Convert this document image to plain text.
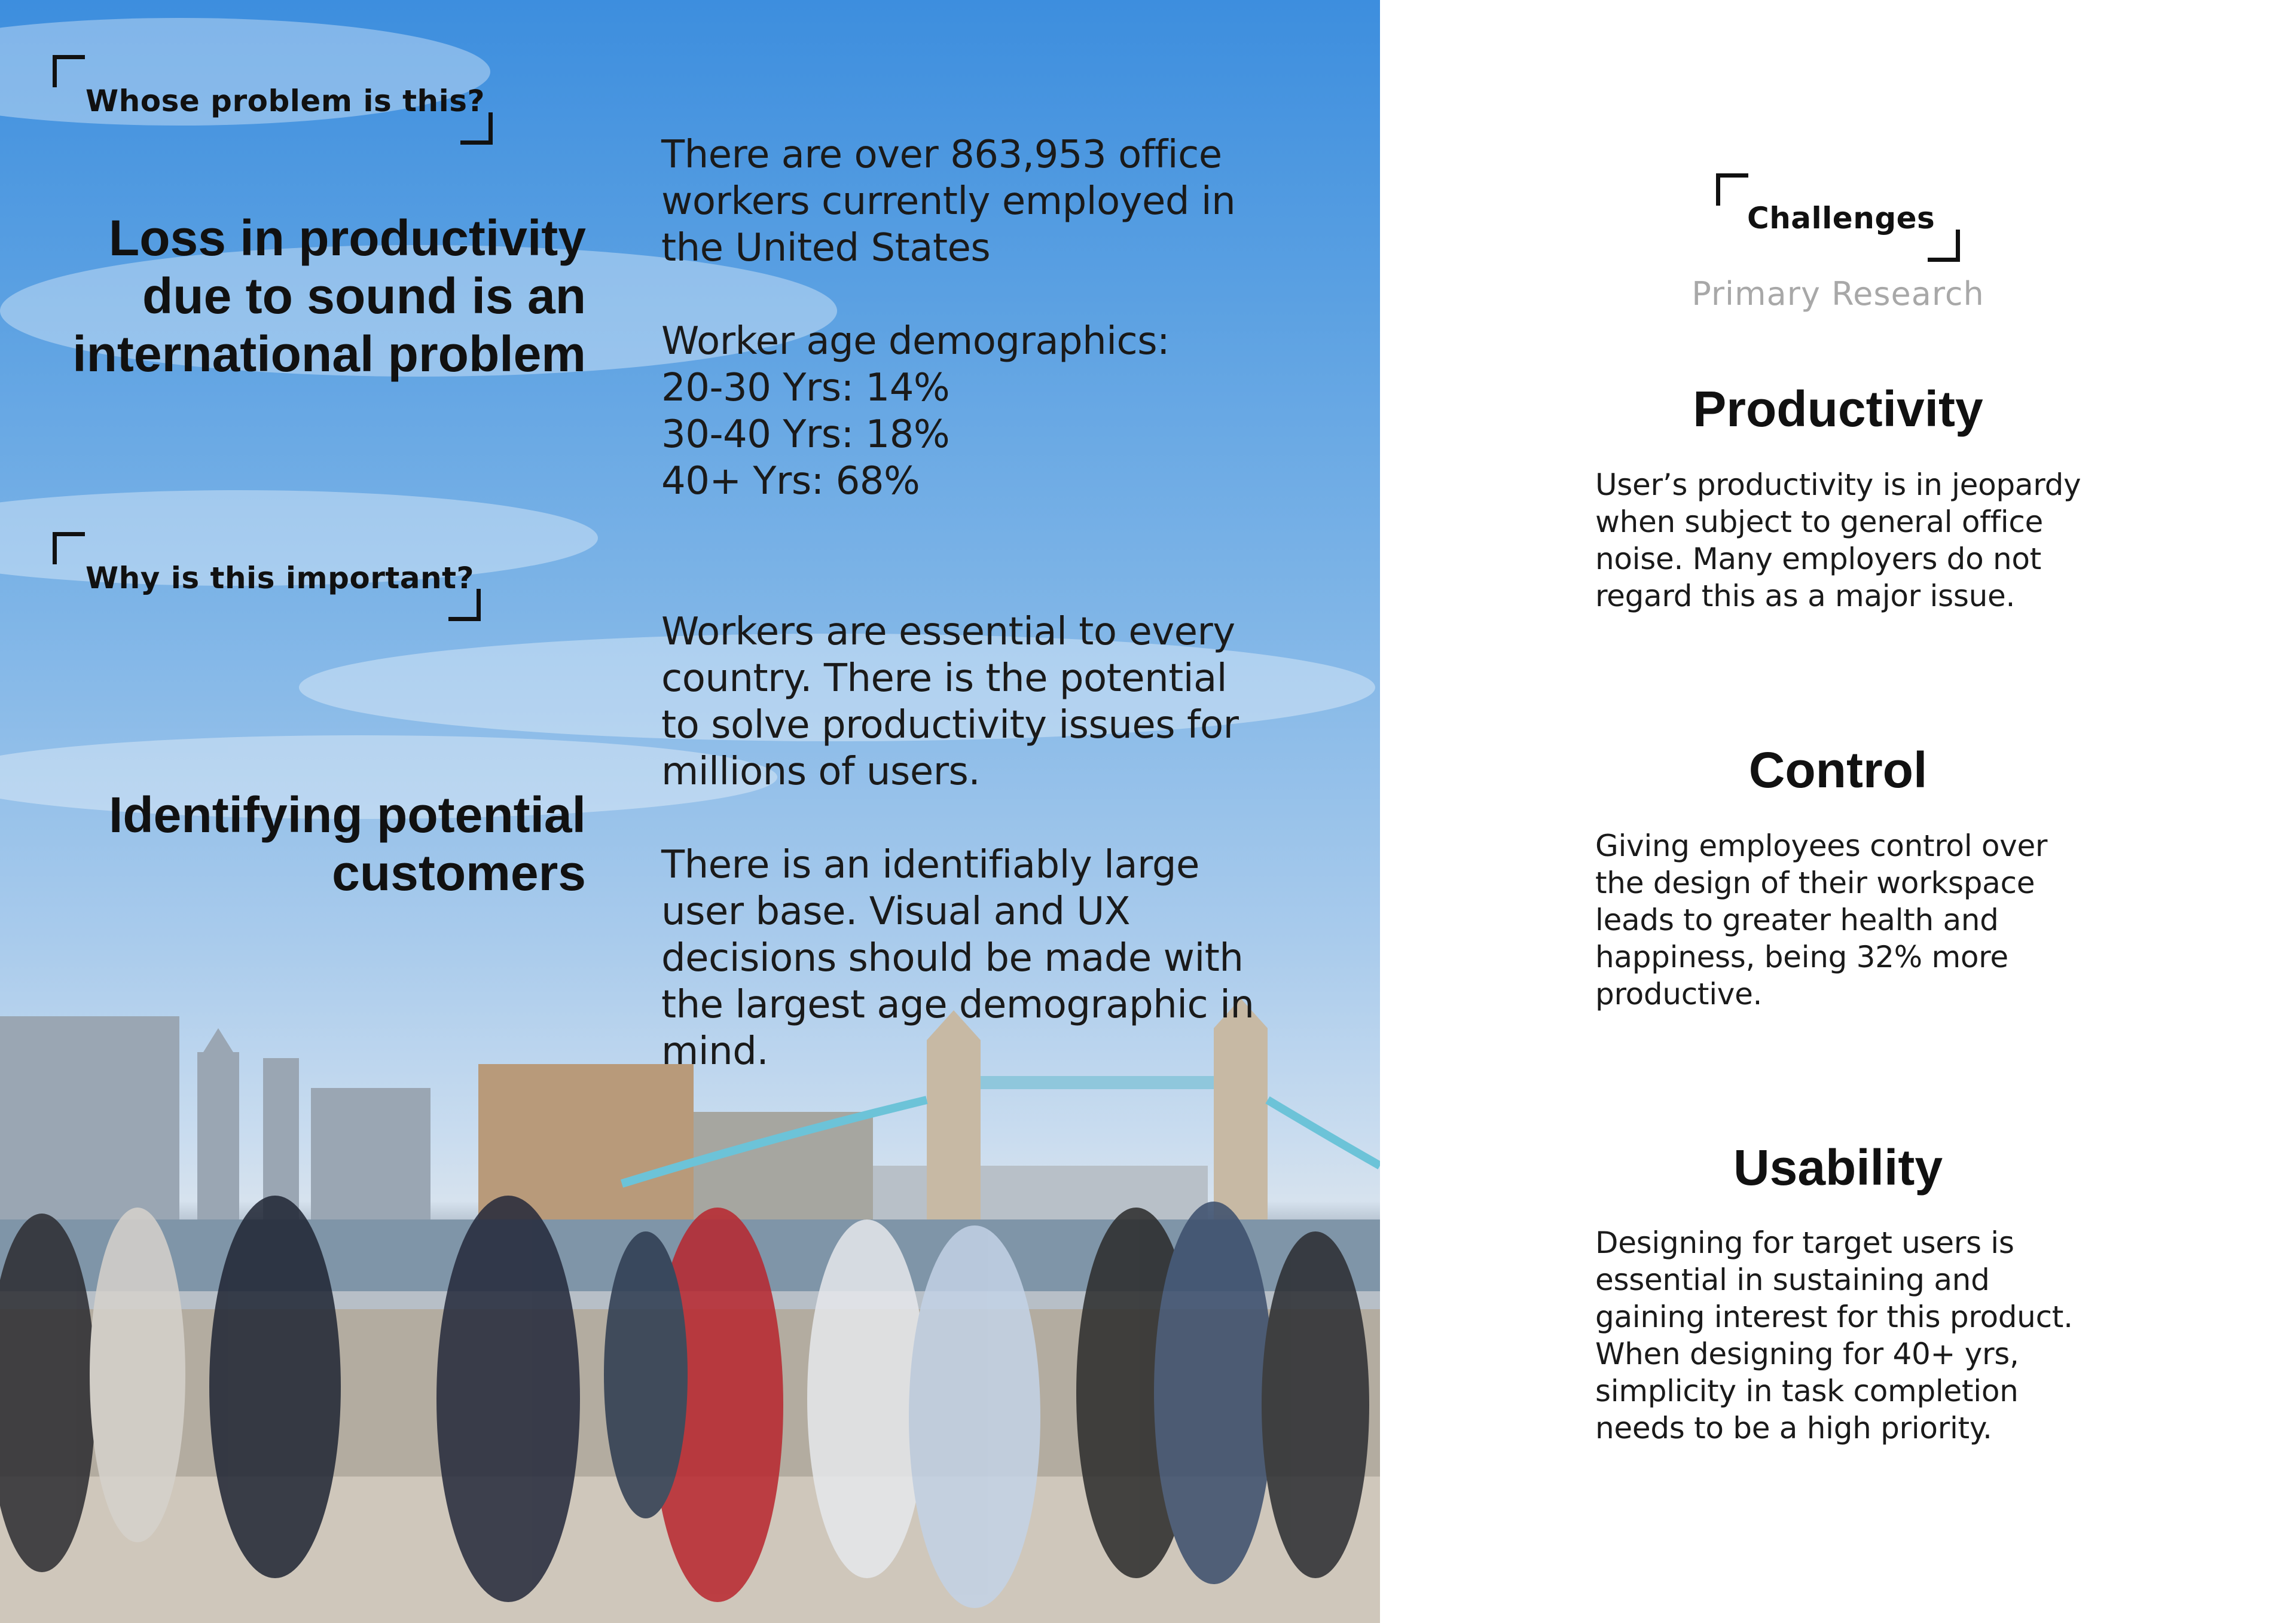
Whose problem is this?
Loss in productivity
due to sound is an
international problem
There are over 863,953 office
workers currently employed in
the United States
Worker age demographics:
20-30 Yrs: 14%
30-40 Yrs: 18%
40+ Yrs: 68%
Why is this important?
Identifying potential
customers
Workers are essential to every
country. There is the potential
to solve productivity issues for
millions of users.
There is an identifiably large
user base. Visual and UX
decisions should be made with
the largest age demographic in
mind.
Challenges
Primary Research
Productivity
User’s productivity is in jeopardy
when subject to general office
noise. Many employers do not
regard this as a major issue.
Control
Giving employees control over
the design of their workspace
leads to greater health and
happiness, being 32% more
productive.
Usability
Designing for target users is
essential in sustaining and
gaining interest for this product.
When designing for 40+ yrs,
simplicity in task completion
needs to be a high priority.
